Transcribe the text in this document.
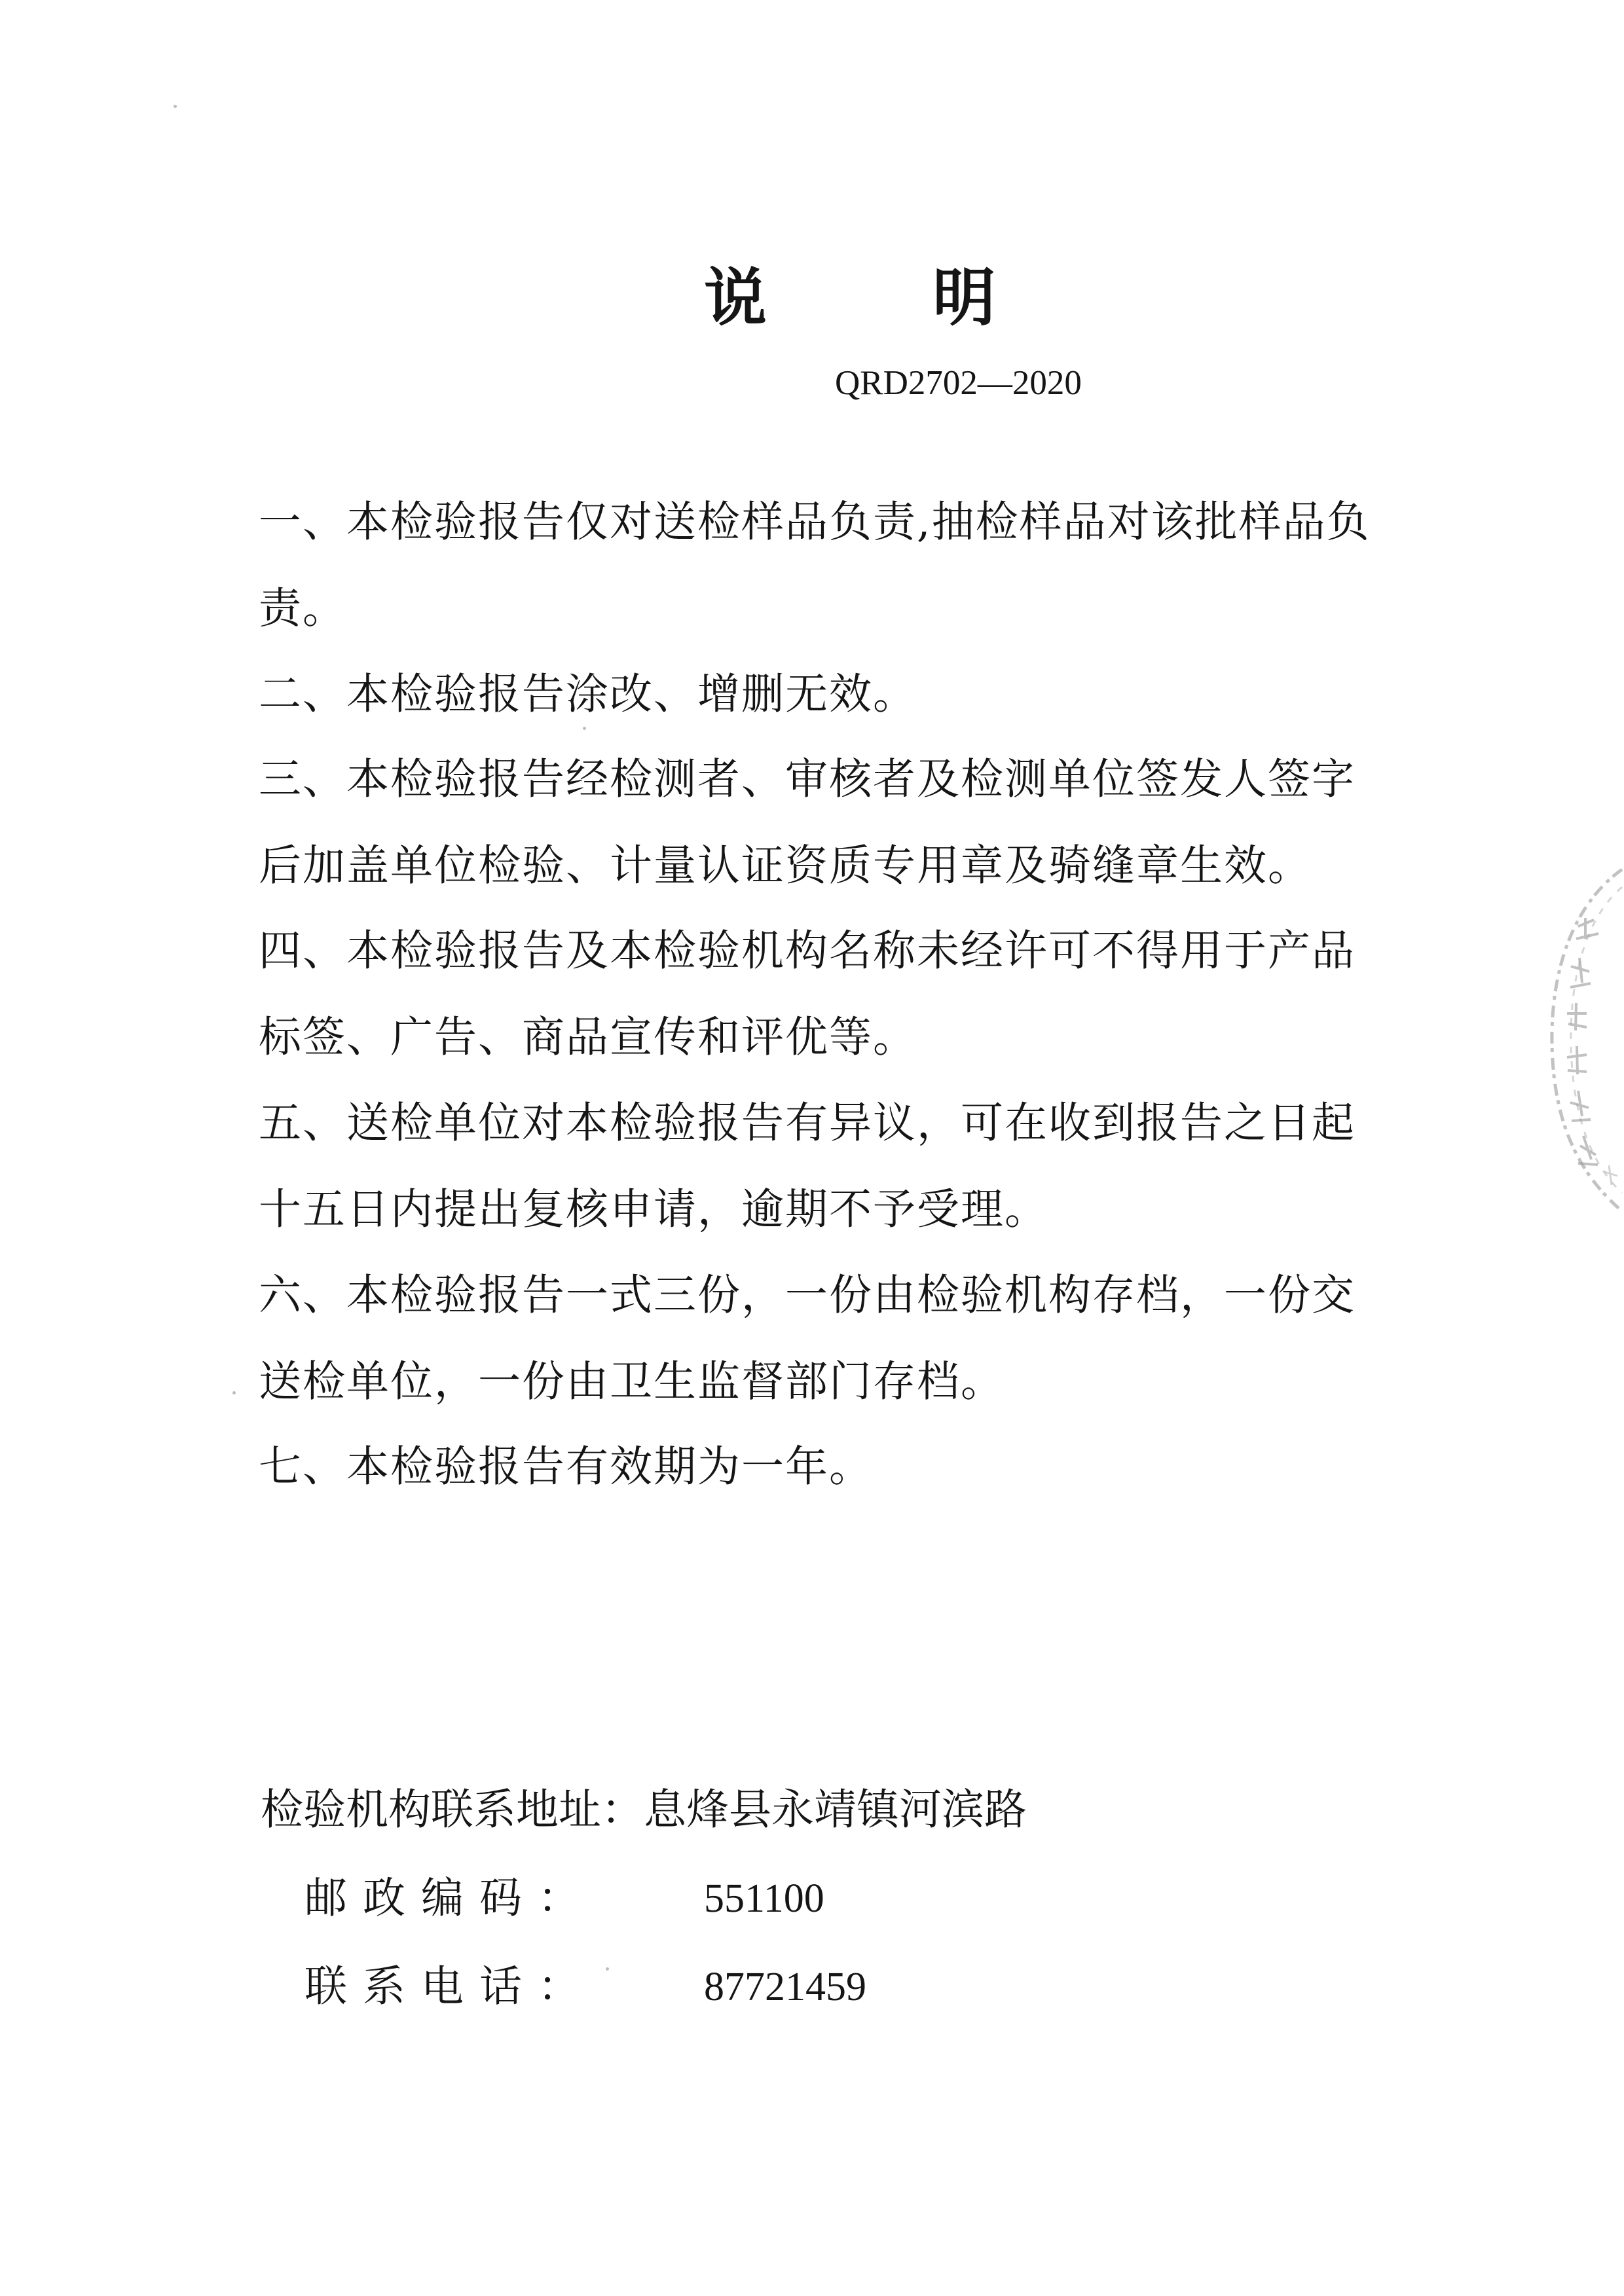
说 明
QRD2702—2020
一、本检验报告仅对送检样品负责,抽检样品对该批样品负责。
二、本检验报告涂改、增删无效。
三、本检验报告经检测者、审核者及检测单位签发人签字后加盖单位检验、计量认证资质专用章及骑缝章生效。
四、本检验报告及本检验机构名称未经许可不得用于产品标签、广告、商品宣传和评优等。
五、送检单位对本检验报告有异议，可在收到报告之日起十五日内提出复核申请，逾期不予受理。
六、本检验报告一式三份，一份由检验机构存档，一份交送检单位，一份由卫生监督部门存档。
七、本检验报告有效期为一年。
检验机构联系地址：息烽县永靖镇河滨路
邮政编码：	551100
联系电话：	87721459
